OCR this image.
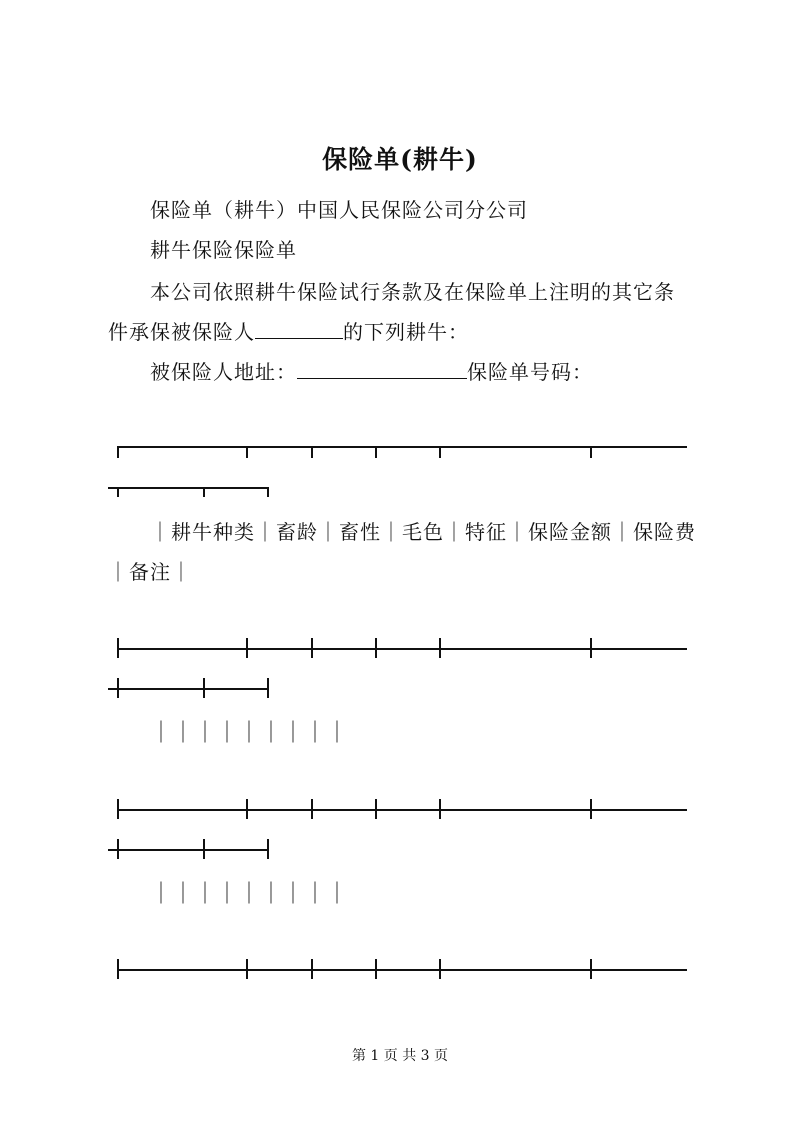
保险单(耕牛)
保险单（耕牛）中国人民保险公司分公司
耕牛保险保险单
本公司依照耕牛保险试行条款及在保险单上注明的其它条
件承保被保险人	的下列耕牛：
被保险人地址：	保险单号码：
｜耕牛种类｜畜龄｜畜性｜毛色｜特征｜保险金额｜保险费
｜备注｜
｜｜｜｜｜｜｜｜｜
｜｜｜｜｜｜｜｜｜
第 1 页 共 3 页
